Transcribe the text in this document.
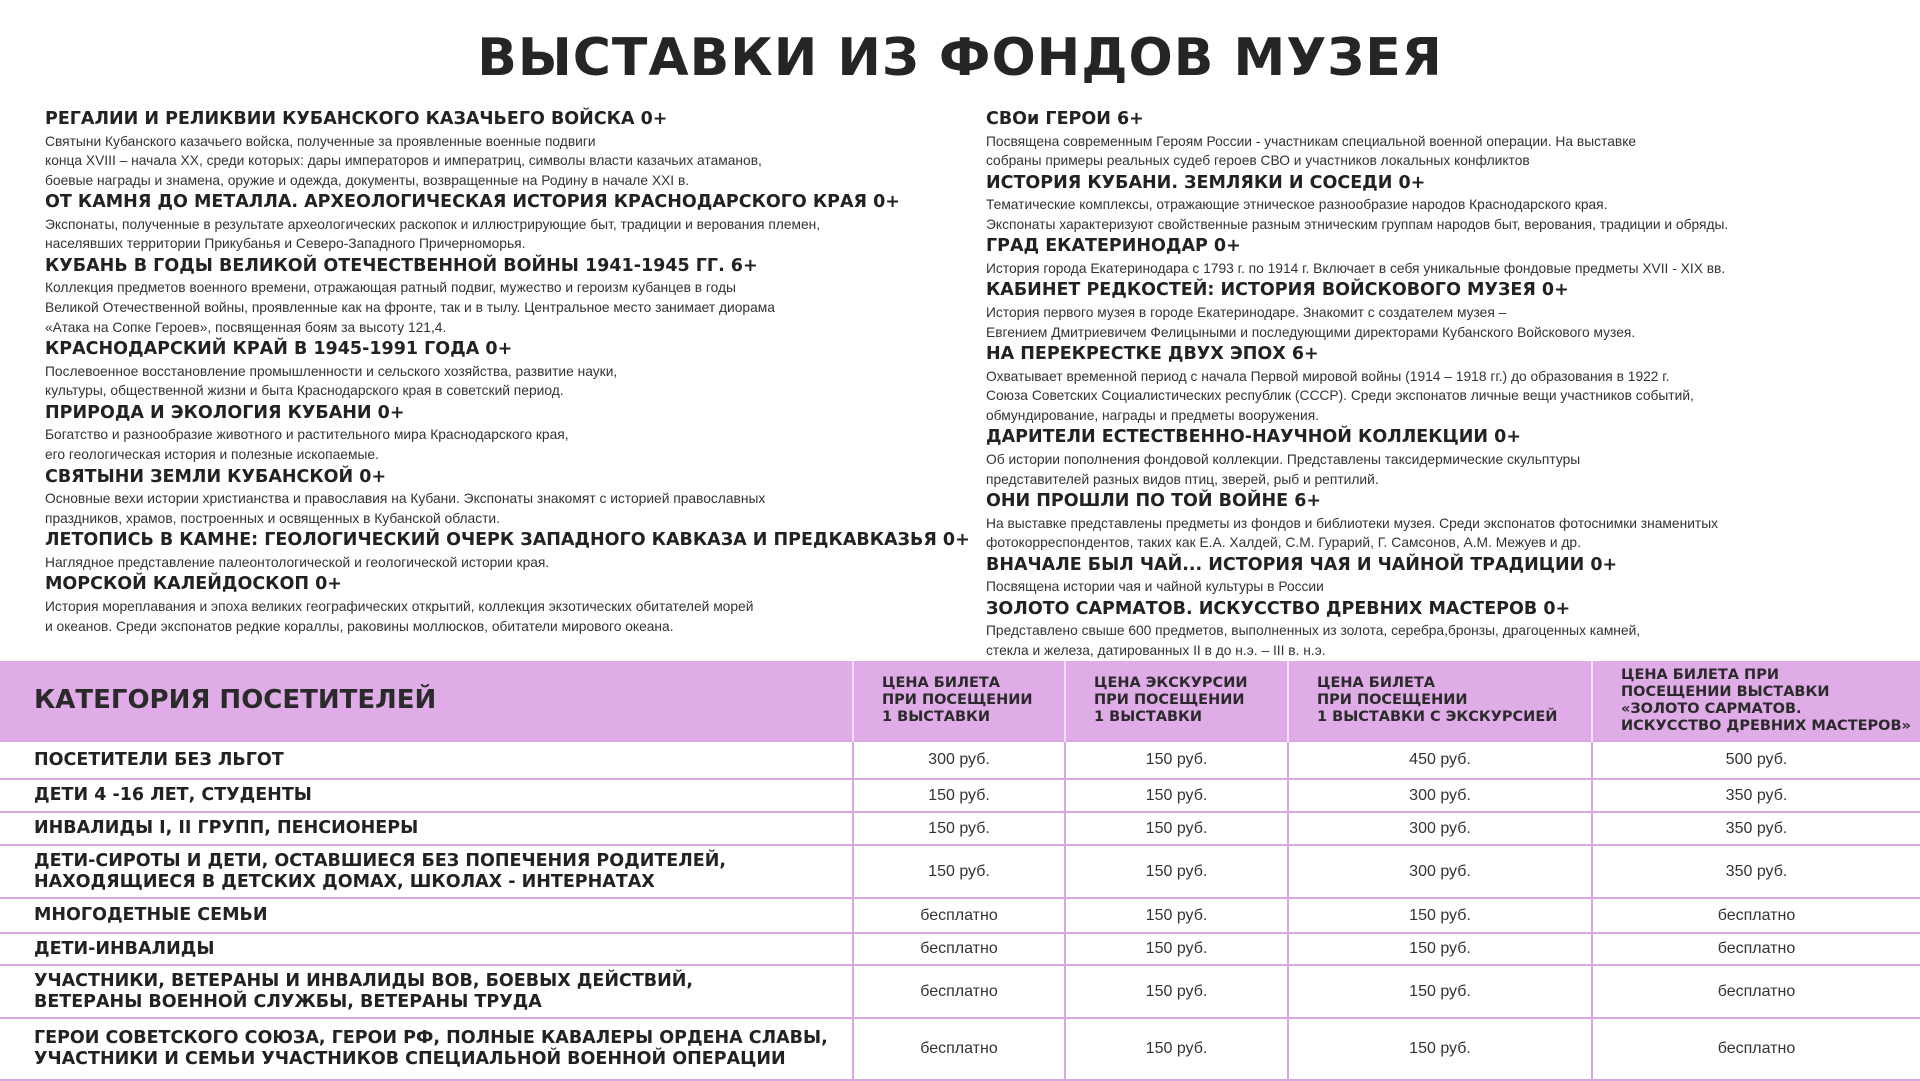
ВЫСТАВКИ ИЗ ФОНДОВ МУЗЕЯ
РЕГАЛИИ И РЕЛИКВИИ КУБАНСКОГО КАЗАЧЬЕГО ВОЙСКА 0+
Святыни Кубанского казачьего войска, полученные за проявленные военные подвиги
конца XVIII – начала XX, среди которых: дары императоров и императриц, символы власти казачьих атаманов,
боевые награды и знамена, оружие и одежда, документы, возвращенные на Родину в начале XXI в.
ОТ КАМНЯ ДО МЕТАЛЛА. АРХЕОЛОГИЧЕСКАЯ ИСТОРИЯ КРАСНОДАРСКОГО КРАЯ 0+
Экспонаты, полученные в результате археологических раскопок и иллюстрирующие быт, традиции и верования племен,
населявших территории Прикубанья и Северо-Западного Причерноморья.
КУБАНЬ В ГОДЫ ВЕЛИКОЙ ОТЕЧЕСТВЕННОЙ ВОЙНЫ 1941-1945 ГГ. 6+
Коллекция предметов военного времени, отражающая ратный подвиг, мужество и героизм кубанцев в годы
Великой Отечественной войны, проявленные как на фронте, так и в тылу. Центральное место занимает диорама
«Атака на Сопке Героев», посвященная боям за высоту 121,4.
КРАСНОДАРСКИЙ КРАЙ В 1945-1991 ГОДА 0+
Послевоенное восстановление промышленности и сельского хозяйства, развитие науки,
культуры, общественной жизни и быта Краснодарского края в советский период.
ПРИРОДА И ЭКОЛОГИЯ КУБАНИ 0+
Богатство и разнообразие животного и растительного мира Краснодарского края,
его геологическая история и полезные ископаемые.
СВЯТЫНИ ЗЕМЛИ КУБАНСКОЙ 0+
Основные вехи истории христианства и православия на Кубани. Экспонаты знакомят с историей православных
праздников, храмов, построенных и освященных в Кубанской области.
ЛЕТОПИСЬ В КАМНЕ: ГЕОЛОГИЧЕСКИЙ ОЧЕРК ЗАПАДНОГО КАВКАЗА И ПРЕДКАВКАЗЬЯ 0+
Наглядное представление палеонтологической и геологической истории края.
МОРСКОЙ КАЛЕЙДОСКОП 0+
История мореплавания и эпоха великих географических открытий, коллекция экзотических обитателей морей
и океанов. Среди экспонатов редкие кораллы, раковины моллюсков, обитатели мирового океана.
СВОи ГЕРОИ 6+
Посвящена современным Героям России - участникам специальной военной операции. На выставке
собраны примеры реальных судеб героев СВО и участников локальных конфликтов
ИСТОРИЯ КУБАНИ. ЗЕМЛЯКИ И СОСЕДИ 0+
Тематические комплексы, отражающие этническое разнообразие народов Краснодарского края.
Экспонаты характеризуют свойственные разным этническим группам народов быт, верования, традиции и обряды.
ГРАД ЕКАТЕРИНОДАР 0+
История города Екатеринодара с 1793 г. по 1914 г. Включает в себя уникальные фондовые предметы XVII - XIX вв.
КАБИНЕТ РЕДКОСТЕЙ: ИСТОРИЯ ВОЙСКОВОГО МУЗЕЯ 0+
История первого музея в городе Екатеринодаре. Знакомит с создателем музея –
Евгением Дмитриевичем Фелицыными и последующими директорами Кубанского Войскового музея.
НА ПЕРЕКРЕСТКЕ ДВУХ ЭПОХ 6+
Охватывает временной период с начала Первой мировой войны (1914 – 1918 гг.) до образования в 1922 г.
Союза Советских Социалистических республик (СССР). Среди экспонатов личные вещи участников событий,
обмундирование, награды и предметы вооружения.
ДАРИТЕЛИ ЕСТЕСТВЕННО-НАУЧНОЙ КОЛЛЕКЦИИ 0+
Об истории пополнения фондовой коллекции. Представлены таксидермические скульптуры
представителей разных видов птиц, зверей, рыб и рептилий.
ОНИ ПРОШЛИ ПО ТОЙ ВОЙНЕ 6+
На выставке представлены предметы из фондов и библиотеки музея. Среди экспонатов фотоснимки знаменитых
фотокорреспондентов, таких как Е.А. Халдей, С.М. Гурарий, Г. Самсонов, А.М. Межуев и др.
ВНАЧАЛЕ БЫЛ ЧАЙ... ИСТОРИЯ ЧАЯ И ЧАЙНОЙ ТРАДИЦИИ 0+
Посвящена истории чая и чайной культуры в России
ЗОЛОТО САРМАТОВ. ИСКУССТВО ДРЕВНИХ МАСТЕРОВ 0+
Представлено свыше 600 предметов, выполненных из золота, серебра,бронзы, драгоценных камней,
стекла и железа, датированных II в до н.э. – III в. н.э.
КАТЕГОРИЯ ПОСЕТИТЕЛЕЙ	ЦЕНА БИЛЕТА
ПРИ ПОСЕЩЕНИИ
1 ВЫСТАВКИ	ЦЕНА ЭКСКУРСИИ
ПРИ ПОСЕЩЕНИИ
1 ВЫСТАВКИ	ЦЕНА БИЛЕТА
ПРИ ПОСЕЩЕНИИ
1 ВЫСТАВКИ С ЭКСКУРСИЕЙ	ЦЕНА БИЛЕТА ПРИ
ПОСЕЩЕНИИ ВЫСТАВКИ
«ЗОЛОТО САРМАТОВ.
ИСКУССТВО ДРЕВНИХ МАСТЕРОВ»
ПОСЕТИТЕЛИ БЕЗ ЛЬГОТ	300 руб.	150 руб.	450 руб.	500 руб.
ДЕТИ 4 -16 ЛЕТ, СТУДЕНТЫ	150 руб.	150 руб.	300 руб.	350 руб.
ИНВАЛИДЫ I, II ГРУПП, ПЕНСИОНЕРЫ	150 руб.	150 руб.	300 руб.	350 руб.
ДЕТИ-СИРОТЫ И ДЕТИ, ОСТАВШИЕСЯ БЕЗ ПОПЕЧЕНИЯ РОДИТЕЛЕЙ,
НАХОДЯЩИЕСЯ В ДЕТСКИХ ДОМАХ, ШКОЛАХ - ИНТЕРНАТАХ	150 руб.	150 руб.	300 руб.	350 руб.
МНОГОДЕТНЫЕ СЕМЬИ	бесплатно	150 руб.	150 руб.	бесплатно
ДЕТИ-ИНВАЛИДЫ	бесплатно	150 руб.	150 руб.	бесплатно
УЧАСТНИКИ, ВЕТЕРАНЫ И ИНВАЛИДЫ ВОВ, БОЕВЫХ ДЕЙСТВИЙ,
ВЕТЕРАНЫ ВОЕННОЙ СЛУЖБЫ, ВЕТЕРАНЫ ТРУДА	бесплатно	150 руб.	150 руб.	бесплатно
ГЕРОИ СОВЕТСКОГО СОЮЗА, ГЕРОИ РФ, ПОЛНЫЕ КАВАЛЕРЫ ОРДЕНА СЛАВЫ,
УЧАСТНИКИ И СЕМЬИ УЧАСТНИКОВ СПЕЦИАЛЬНОЙ ВОЕННОЙ ОПЕРАЦИИ	бесплатно	150 руб.	150 руб.	бесплатно
